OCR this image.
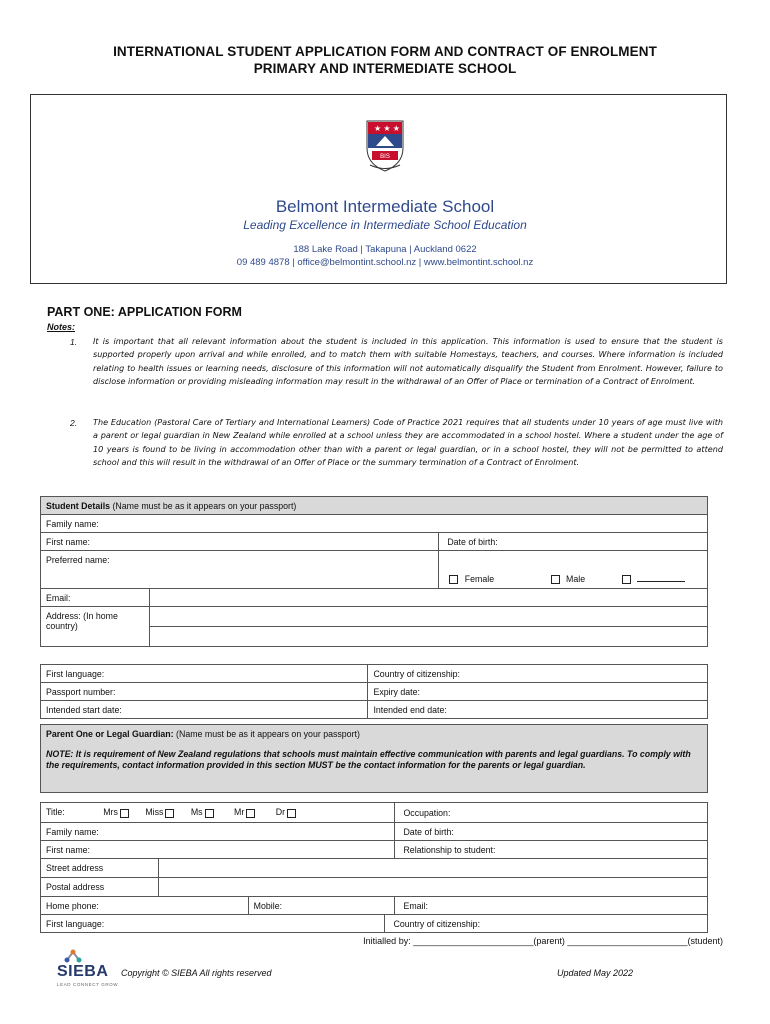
INTERNATIONAL STUDENT APPLICATION FORM AND CONTRACT OF ENROLMENT
PRIMARY AND INTERMEDIATE SCHOOL
★ ★ ★
BIS
Belmont Intermediate School
Leading Excellence in Intermediate School Education
188 Lake Road | Takapuna | Auckland 0622
09 489 4878 | office@belmontint.school.nz | www.belmontint.school.nz
PART ONE: APPLICATION FORM
Notes:
1. It is important that all relevant information about the student is included in this application. This information is used to ensure that the student is supported properly upon arrival and while enrolled, and to match them with suitable Homestays, teachers, and courses. Where information is included relating to health issues or learning needs, disclosure of this information will not automatically disqualify the Student from Enrolment. However, failure to disclose information or providing misleading information may result in the withdrawal of an Offer of Place or termination of a Contract of Enrolment.
2. The Education (Pastoral Care of Tertiary and International Learners) Code of Practice 2021 requires that all students under 10 years of age must live with a parent or legal guardian in New Zealand while enrolled at a school unless they are accommodated in a school hostel. Where a student under the age of 10 years is found to be living in accommodation other than with a parent or legal guardian, or in a school hostel, they will not be permitted to attend school and this will result in the withdrawal of an Offer of Place or the summary termination of a Contract of Enrolment.
Student Details (Name must be as it appears on your passport)			
Family name:			
First name:			Date of birth:
Preferred name:			Female Male
Email:			
Address: (In home country)			

First language:		Country of citizenship:	
Passport number:		Expiry date:	
Intended start date:		Intended end date:	
Parent One or Legal Guardian: (Name must be as it appears on your passport)
NOTE: It is requirement of New Zealand regulations that schools must maintain effective communication with parents and legal guardians. To comply with the requirements, contact information provided in this section MUST be the contact information for the parents or legal guardian.				

Title: Mrs Miss Ms Mr Dr				Occupation:
Family name:				Date of birth:
First name:				Relationship to student:
Street address				
Postal address				
Home phone:		Mobile:		Email:
First language:			Country of citizenship:	
Initialled by: ________________________(parent) ________________________(student)
SIEBA
LEAD CONNECT GROW
Copyright © SIEBA All rights reserved	Updated May 2022
